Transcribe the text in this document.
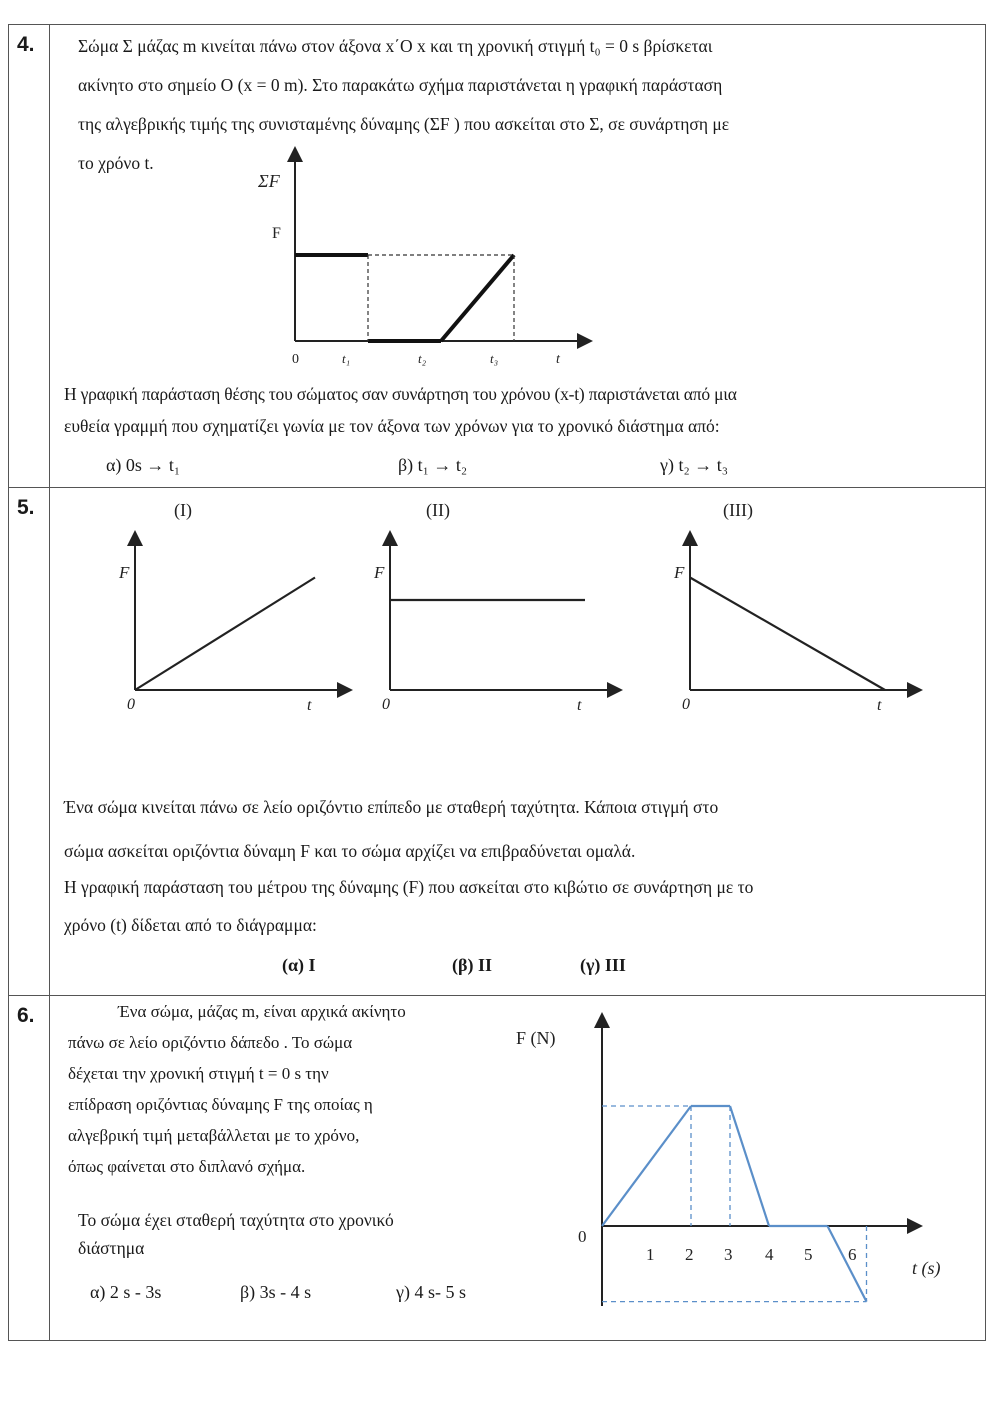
4.	Σώμα Σ μάζας m κινείται πάνω στον άξονα x΄O x και τη χρονική στιγμή t₀ = 0 s βρίσκεται

ακίνητο στο σημείο O (x = 0 m). Στο παρακάτω σχήμα παριστάνεται η γραφική παράσταση

της αλγεβρικής τιμής της συνισταμένης δύναμης (ΣF ) που ασκείται στο Σ, σε συνάρτηση με

το χρόνο t.

ΣF
F
0	t₁	t₂	t₃	t

Η γραφική παράσταση θέσης του σώματος σαν συνάρτηση του χρόνου (x-t) παριστάνεται από μια

ευθεία γραμμή που σχηματίζει γωνία με τον άξονα των χρόνων για το χρονικό διάστημα από:

α) 0s → t₁	β) t₁ → t₂	γ) t₂ → t₃
5.	(Ι)
F
0	t
(ΙΙ)
F
0	t
(ΙΙΙ)
F
0	t

Ένα σώμα κινείται πάνω σε λείο οριζόντιο επίπεδο με σταθερή ταχύτητα. Κάποια στιγμή στο

σώμα ασκείται οριζόντια δύναμη F και το σώμα αρχίζει να επιβραδύνεται ομαλά.

Η γραφική παράσταση του μέτρου της δύναμης (F) που ασκείται στο κιβώτιο σε συνάρτηση με το

χρόνο (t) δίδεται από το διάγραμμα:

(α) Ι	(β) ΙΙ	(γ) ΙΙΙ
6.	Ένα σώμα, μάζας m, είναι αρχικά ακίνητο
πάνω σε λείο οριζόντιο δάπεδο . Το σώμα
δέχεται την χρονική στιγμή t = 0 s την
επίδραση οριζόντιας δύναμης F της οποίας η
αλγεβρική τιμή μεταβάλλεται με το χρόνο,
όπως φαίνεται στο διπλανό σχήμα.

Το σώμα έχει σταθερή ταχύτητα στο χρονικό

διάστημα

α) 2 s - 3s	β) 3s - 4 s	γ) 4 s- 5 s
F (N)
0
t (s)
1 2 3 4 5 6
